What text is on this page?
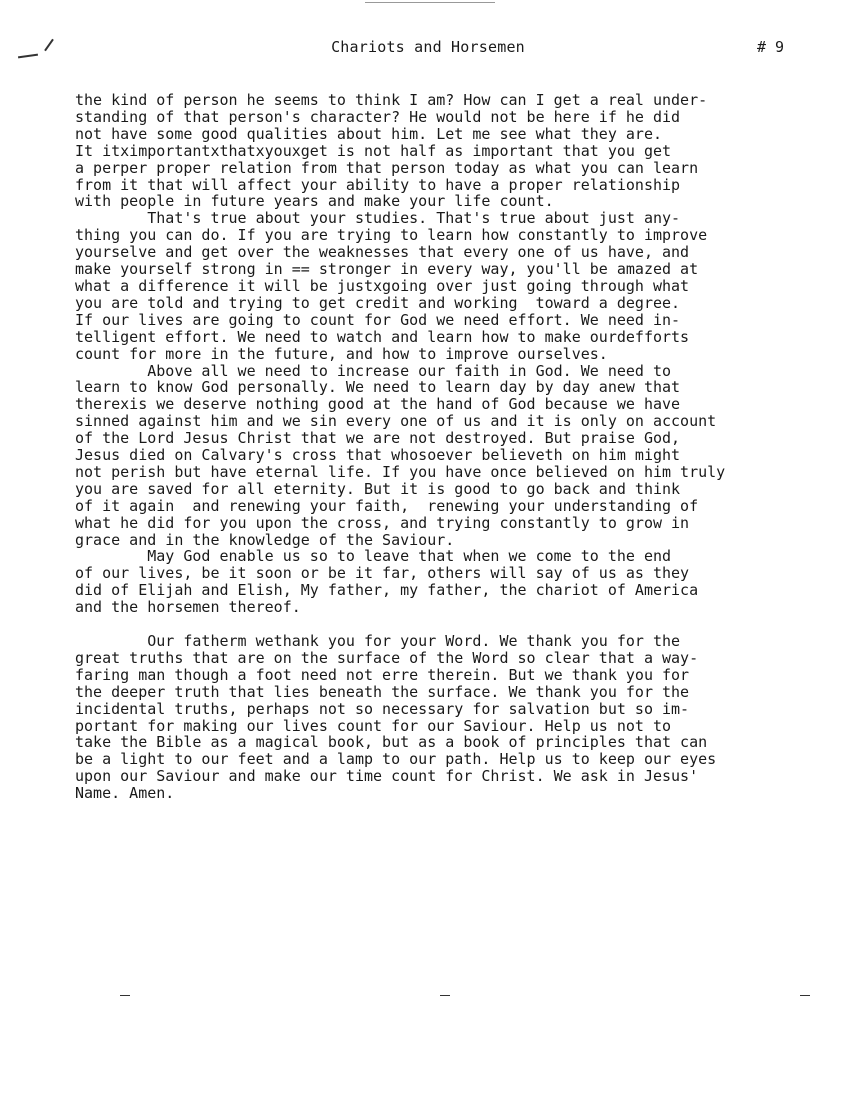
Chariots and Horsemen	# 9
the kind of person he seems to think I am? How can I get a real under-
standing of that person's character? He would not be here if he did
not have some good qualities about him. Let me see what they are.
It itximportantxthatxyouxget is not half as important that you get
a perper proper relation from that person today as what you can learn
from it that will affect your ability to have a proper relationship
with people in future years and make your life count.
That's true about your studies. That's true about just any-
thing you can do. If you are trying to learn how constantly to improve
yourselve and get over the weaknesses that every one of us have, and
make yourself strong in == stronger in every way, you'll be amazed at
what a difference it will be justxgoing over just going through what
you are told and trying to get credit and working  toward a degree.
If our lives are going to count for God we need effort. We need in-
telligent effort. We need to watch and learn how to make ourdefforts
count for more in the future, and how to improve ourselves.
Above all we need to increase our faith in God. We need to
learn to know God personally. We need to learn day by day anew that
therexis we deserve nothing good at the hand of God because we have
sinned against him and we sin every one of us and it is only on account
of the Lord Jesus Christ that we are not destroyed. But praise God,
Jesus died on Calvary's cross that whosoever believeth on him might
not perish but have eternal life. If you have once believed on him truly
you are saved for all eternity. But it is good to go back and think
of it again  and renewing your faith,  renewing your understanding of
what he did for you upon the cross, and trying constantly to grow in
grace and in the knowledge of the Saviour.
May God enable us so to leave that when we come to the end
of our lives, be it soon or be it far, others will say of us as they
did of Elijah and Elish, My father, my father, the chariot of America
and the horsemen thereof.

Our fatherm wethank you for your Word. We thank you for the
great truths that are on the surface of the Word so clear that a way-
faring man though a foot need not erre therein. But we thank you for
the deeper truth that lies beneath the surface. We thank you for the
incidental truths, perhaps not so necessary for salvation but so im-
portant for making our lives count for our Saviour. Help us not to
take the Bible as a magical book, but as a book of principles that can
be a light to our feet and a lamp to our path. Help us to keep our eyes
upon our Saviour and make our time count for Christ. We ask in Jesus'
Name. Amen.
